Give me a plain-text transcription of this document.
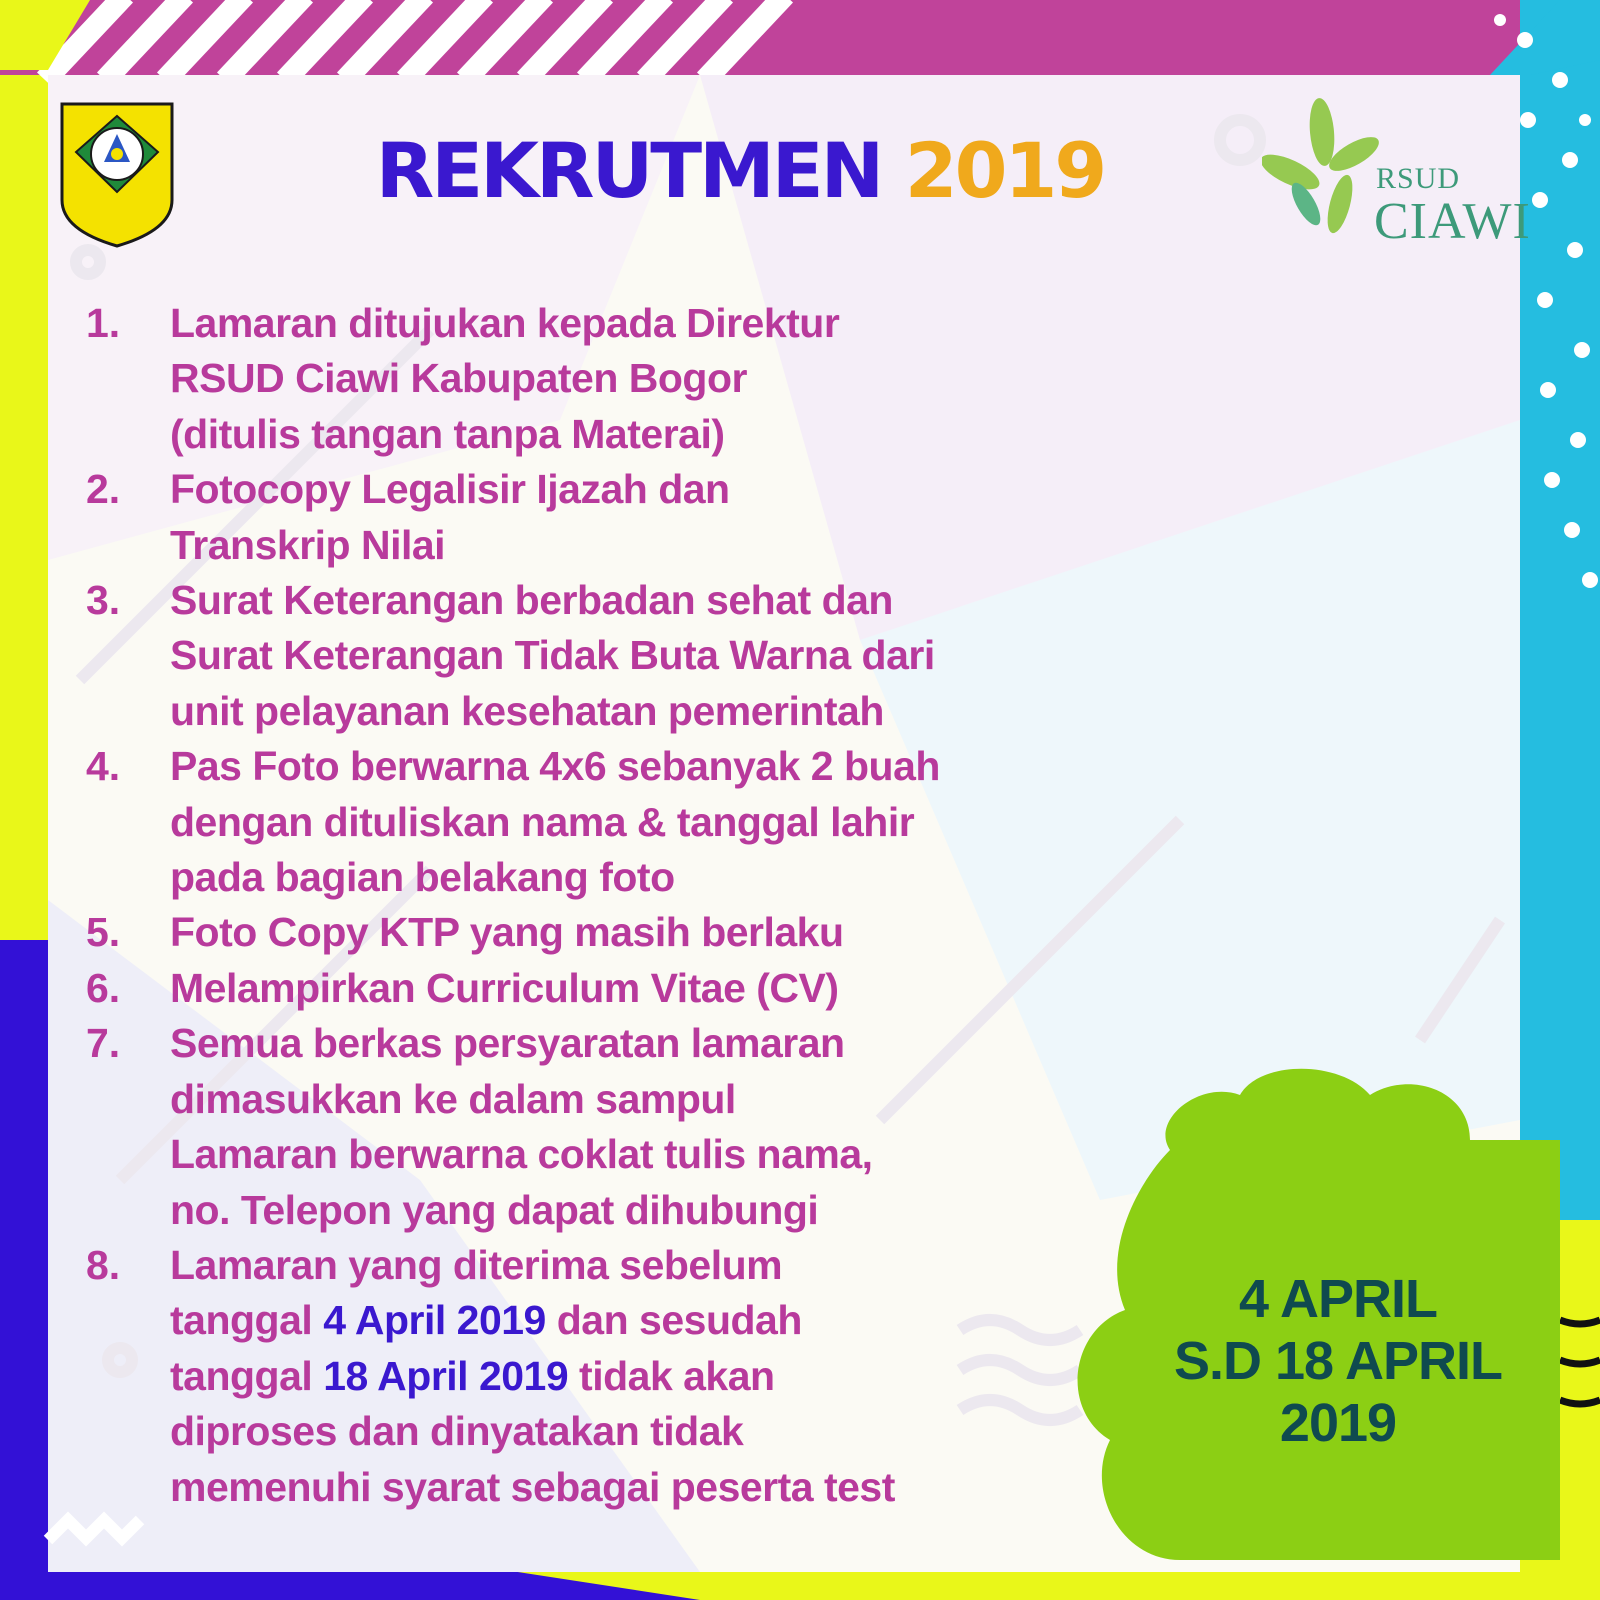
REKRUTMEN 2019	RSUD
CIAWI
1.	Lamaran ditujukan kepada Direktur
RSUD Ciawi Kabupaten Bogor
(ditulis tangan tanpa Materai)
2.	Fotocopy Legalisir Ijazah dan
Transkrip Nilai
3.	Surat Keterangan berbadan sehat dan
Surat Keterangan Tidak Buta Warna dari
unit pelayanan kesehatan pemerintah
4.	Pas Foto berwarna 4x6 sebanyak 2 buah
dengan dituliskan nama & tanggal lahir
pada bagian belakang foto
5.	Foto Copy KTP yang masih berlaku
6.	Melampirkan Curriculum Vitae (CV)
7.	Semua berkas persyaratan lamaran
dimasukkan ke dalam sampul
Lamaran berwarna coklat tulis nama,
no. Telepon yang dapat dihubungi
8.	Lamaran yang diterima sebelum
tanggal 4 April 2019 dan sesudah
tanggal 18 April 2019 tidak akan
diproses dan dinyatakan tidak
memenuhi syarat sebagai peserta test
4 APRIL
S.D 18 APRIL
2019
